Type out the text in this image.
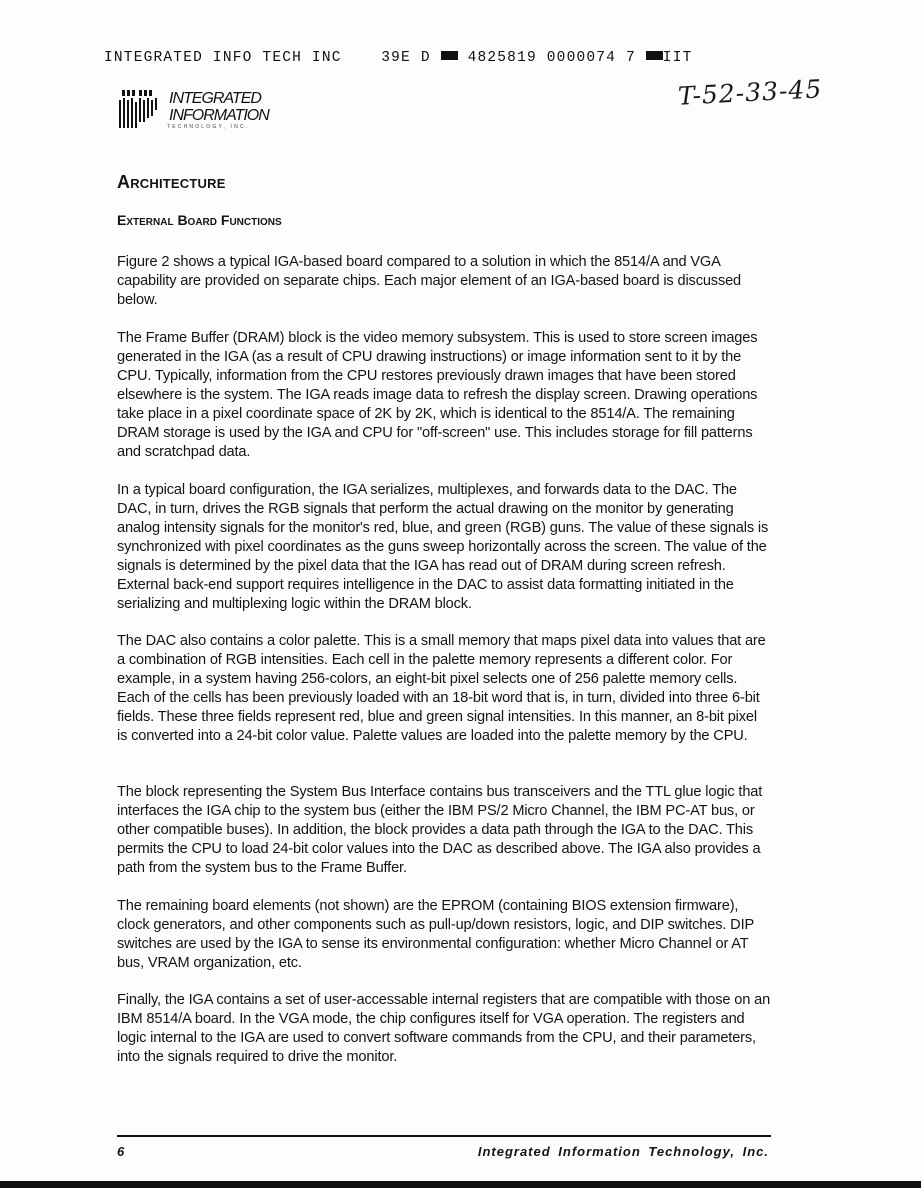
INTEGRATED INFO TECH INC    39E D	4825819 0000074 7 IIT
T-52-33-45
INTEGRATED
INFORMATION
TECHNOLOGY, INC.
Architecture
External Board Functions

Figure 2 shows a typical IGA-based board compared to a solution in which the 8514/A and VGA capability are provided on separate chips. Each major element of an IGA-based board is discussed below.

The Frame Buffer (DRAM) block is the video memory subsystem. This is used to store screen images generated in the IGA (as a result of CPU drawing instructions) or image information sent to it by the CPU. Typically, information from the CPU restores previously drawn images that have been stored elsewhere is the system. The IGA reads image data to refresh the display screen. Drawing operations take place in a pixel coordinate space of 2K by 2K, which is identical to the 8514/A. The remaining DRAM storage is used by the IGA and CPU for "off-screen" use. This includes storage for fill patterns and scratchpad data.

In a typical board configuration, the IGA serializes, multiplexes, and forwards data to the DAC. The DAC, in turn, drives the RGB signals that perform the actual drawing on the monitor by generating analog intensity signals for the monitor's red, blue, and green (RGB) guns. The value of these signals is synchronized with pixel coordinates as the guns sweep horizontally across the screen. The value of the signals is determined by the pixel data that the IGA has read out of DRAM during screen refresh. External back-end support requires intelligence in the DAC to assist data formatting initiated in the serializing and multiplexing logic within the DRAM block.

The DAC also contains a color palette. This is a small memory that maps pixel data into values that are a combination of RGB intensities. Each cell in the palette memory represents a different color. For example, in a system having 256-colors, an eight-bit pixel selects one of 256 palette memory cells. Each of the cells has been previously loaded with an 18-bit word that is, in turn, divided into three 6-bit fields. These three fields represent red, blue and green signal intensities. In this manner, an 8-bit pixel is converted into a 24-bit color value. Palette values are loaded into the palette memory by the CPU.

The block representing the System Bus Interface contains bus transceivers and the TTL glue logic that interfaces the IGA chip to the system bus (either the IBM PS/2 Micro Channel, the IBM PC-AT bus, or other compatible buses). In addition, the block provides a data path through the IGA to the DAC. This permits the CPU to load 24-bit color values into the DAC as described above. The IGA also provides a path from the system bus to the Frame Buffer.

The remaining board elements (not shown) are the EPROM (containing BIOS extension firmware), clock generators, and other components such as pull-up/down resistors, logic, and DIP switches. DIP switches are used by the IGA to sense its environmental configuration: whether Micro Channel or AT bus, VRAM organization, etc.

Finally, the IGA contains a set of user-accessable internal registers that are compatible with those on an IBM 8514/A board. In the VGA mode, the chip configures itself for VGA operation. The registers and logic internal to the IGA are used to convert software commands from the CPU, and their parameters, into the signals required to drive the monitor.

6	Integrated Information Technology, Inc.
